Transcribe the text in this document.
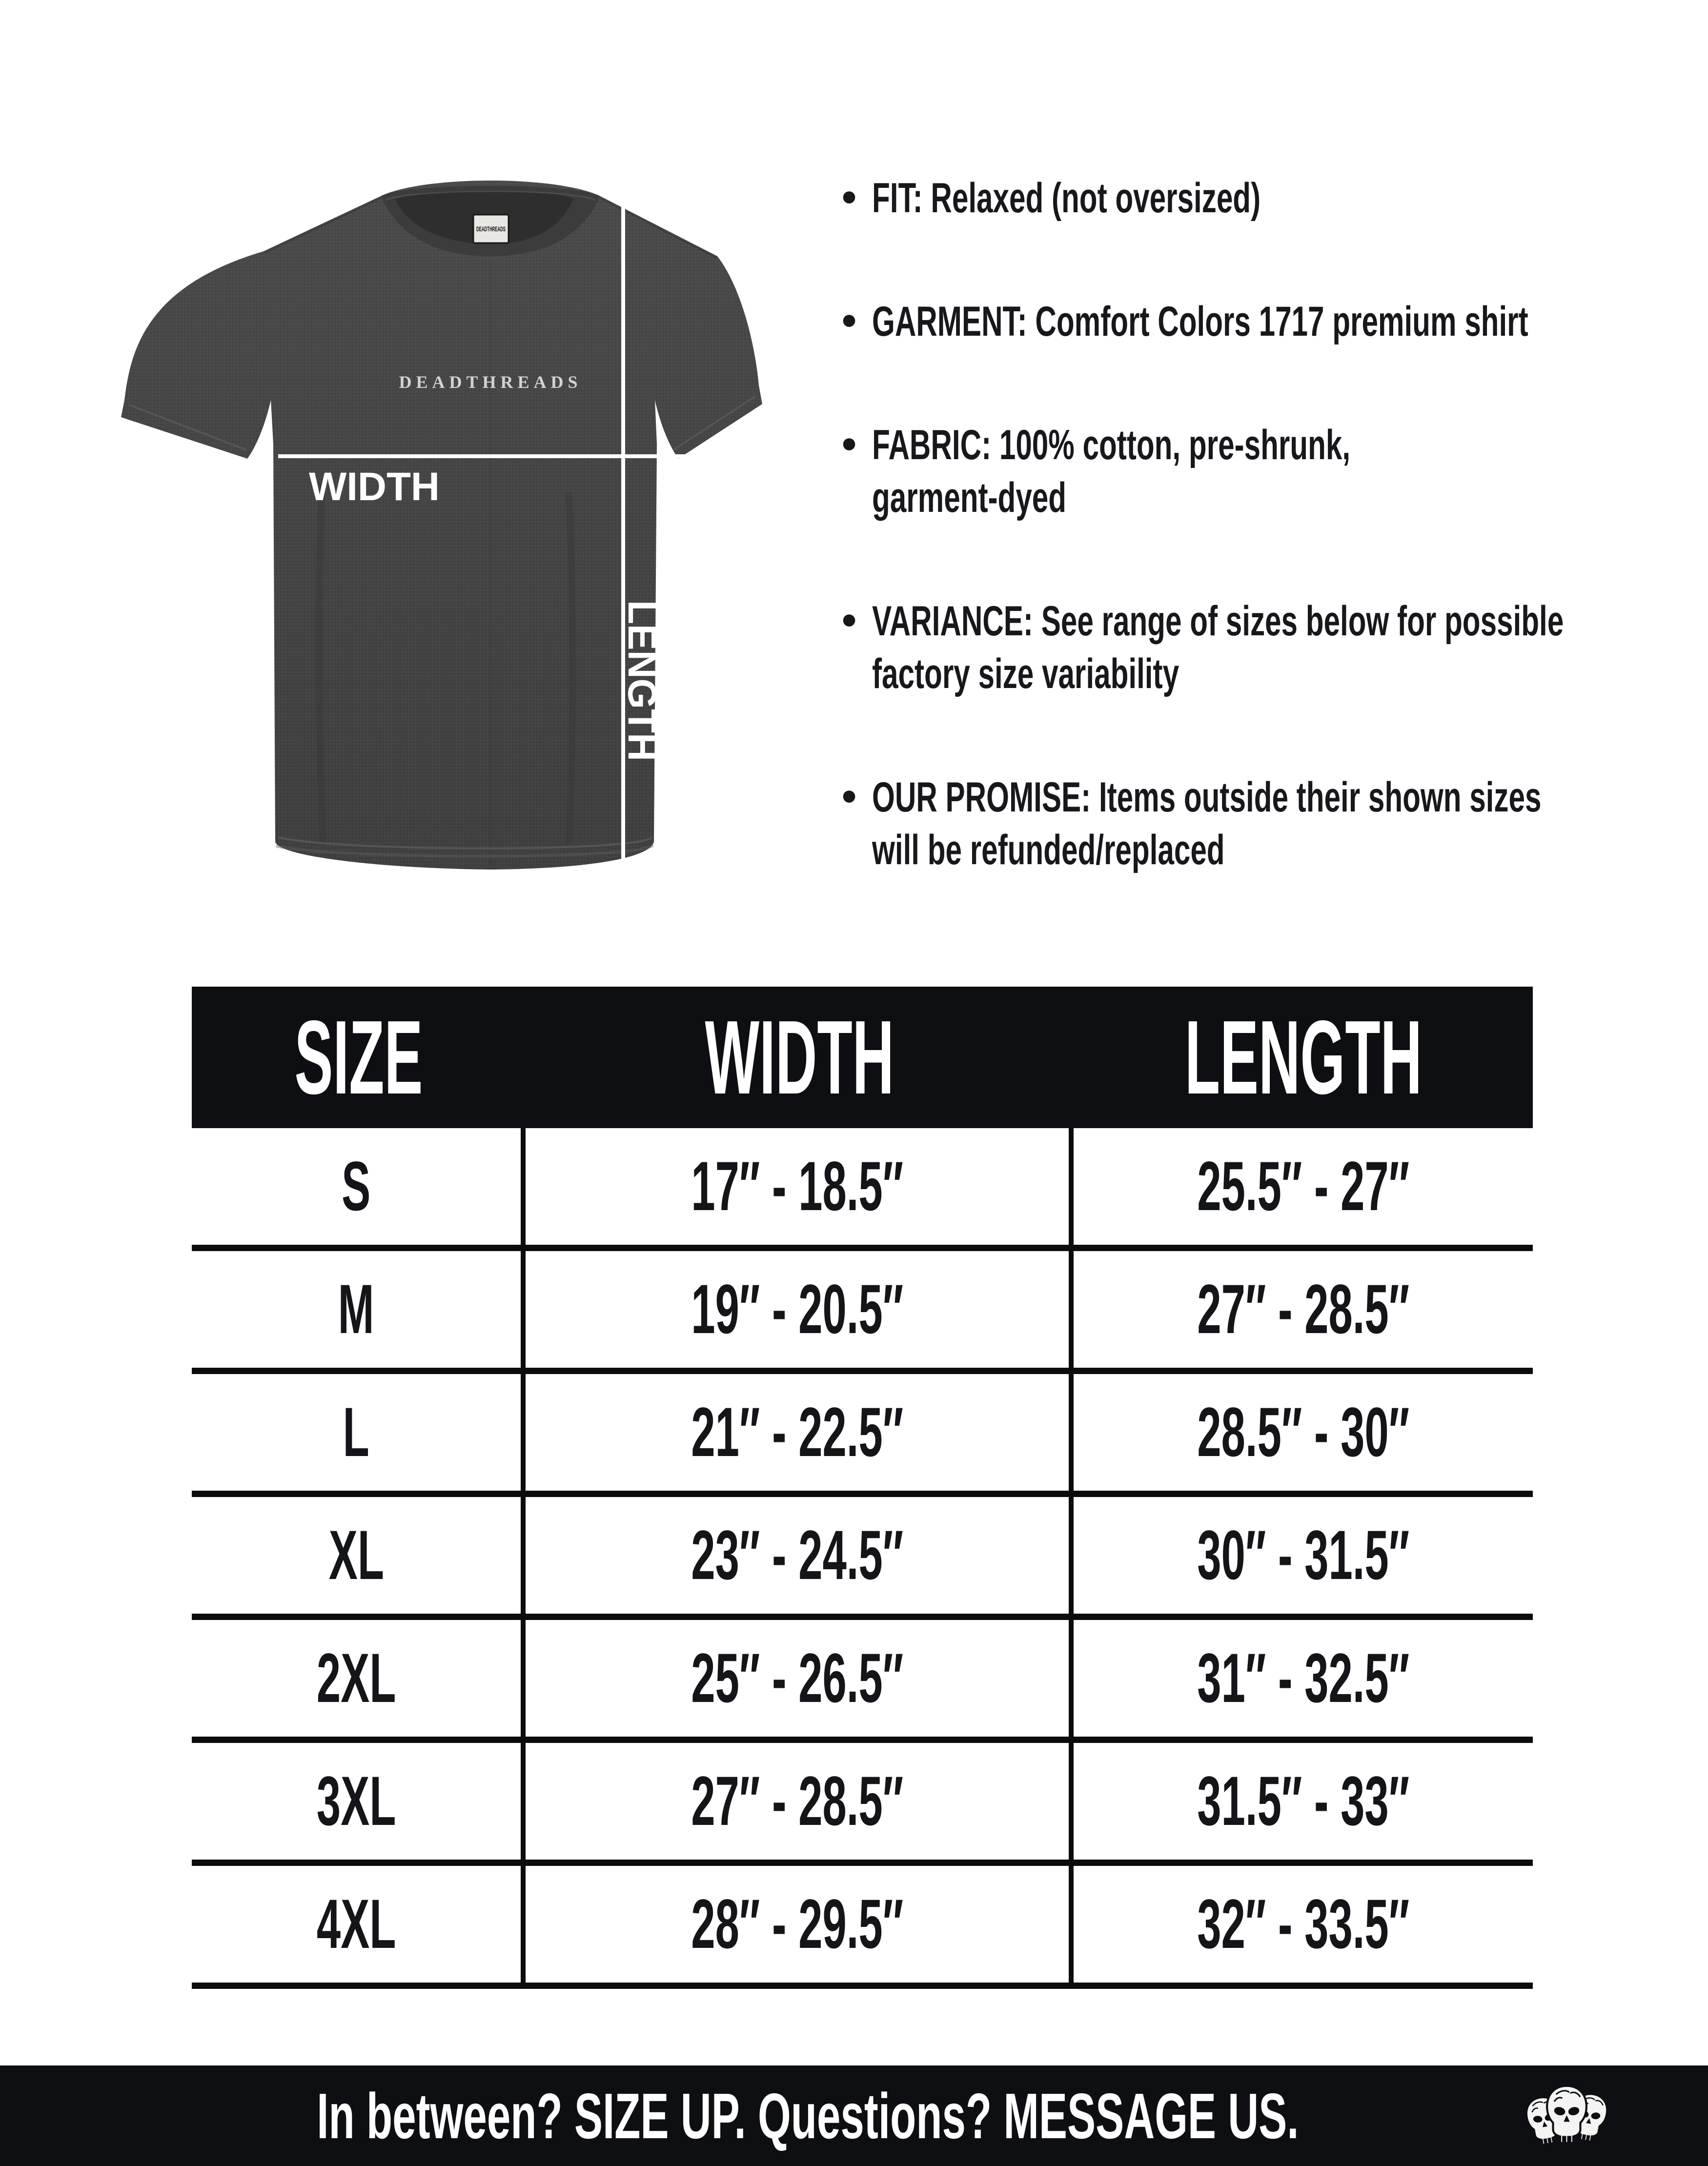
DEADTHREADS
DEADTHREADS
WIDTH
LENGTH
• FIT: Relaxed (not oversized)
• GARMENT: Comfort Colors 1717 premium shirt
• FABRIC: 100% cotton, pre-shrunk,
garment-dyed
• VARIANCE: See range of sizes below for possible
factory size variability
• OUR PROMISE: Items outside their shown sizes
will be refunded/replaced
SIZE	WIDTH	LENGTH
S	17″ - 18.5″	25.5″ - 27″
M	19″ - 20.5″	27″ - 28.5″
L	21″ - 22.5″	28.5″ - 30″
XL	23″ - 24.5″	30″ - 31.5″
2XL	25″ - 26.5″	31″ - 32.5″
3XL	27″ - 28.5″	31.5″ - 33″
4XL	28″ - 29.5″	32″ - 33.5″
In between? SIZE UP. Questions? MESSAGE US.
